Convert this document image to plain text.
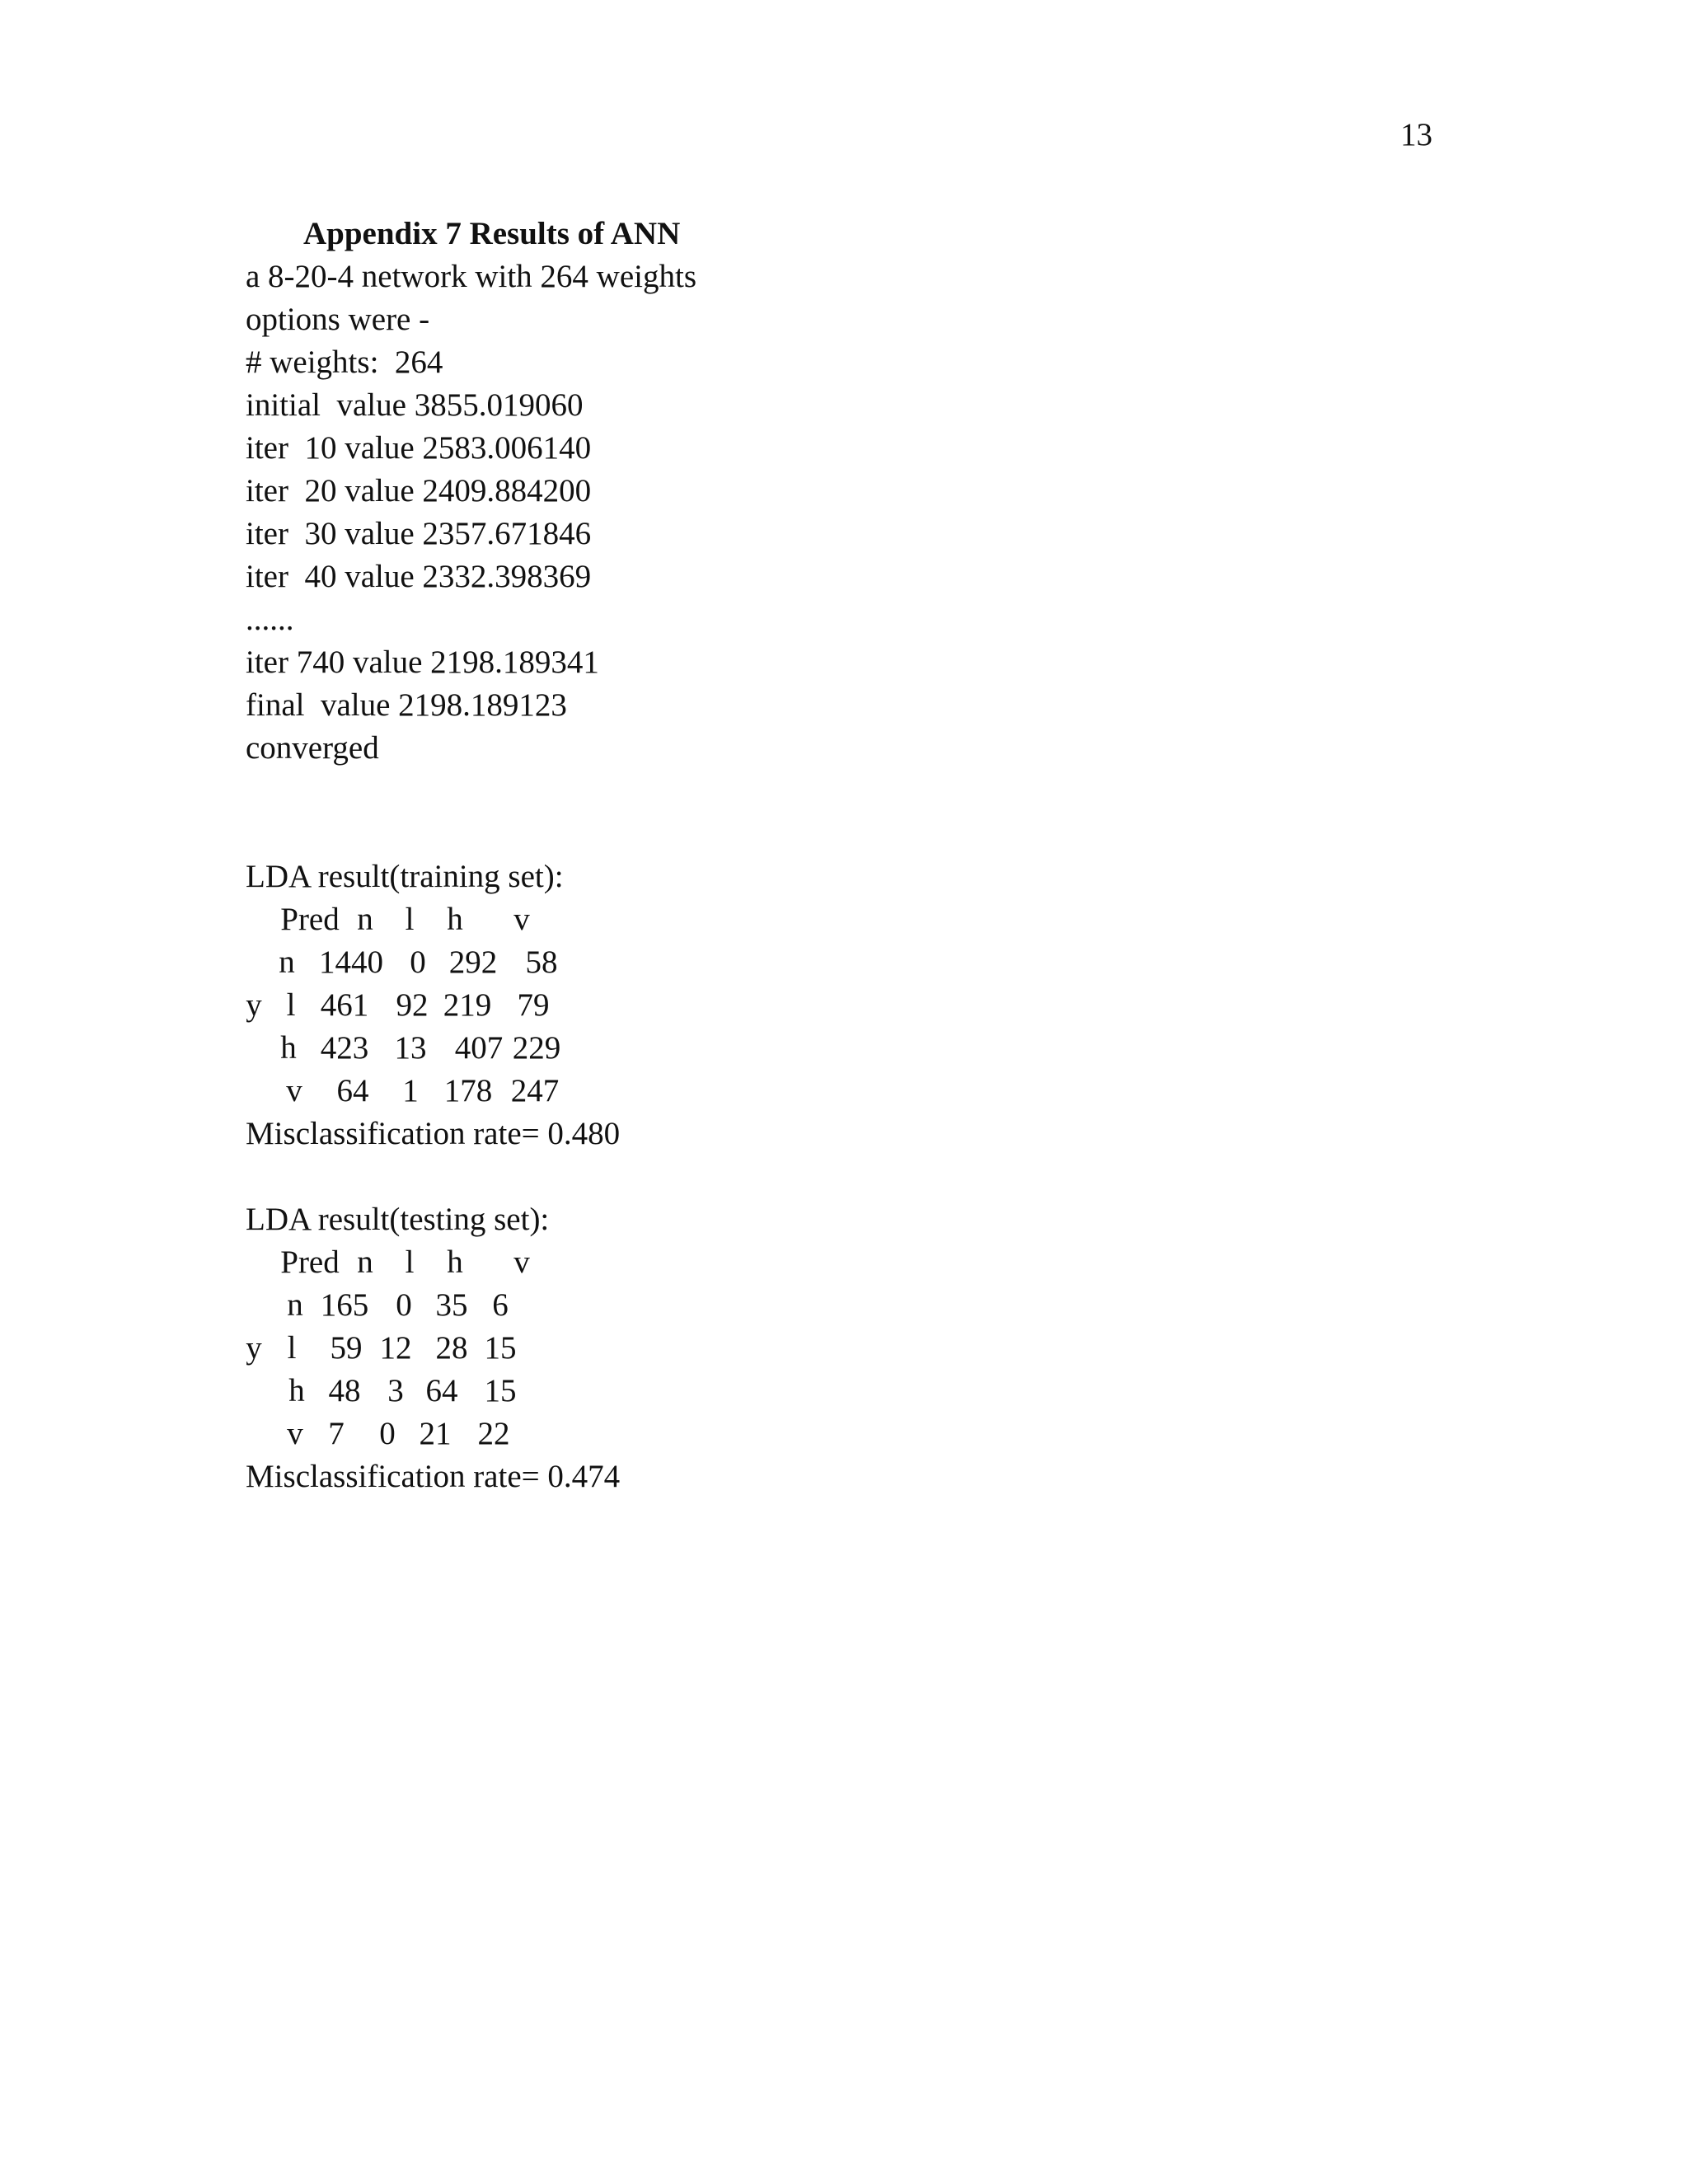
13
Appendix 7 Results of ANN
a 8-20-4 network with 264 weights
options were -
# weights:  264
initial  value 3855.019060
iter  10 value 2583.006140
iter  20 value 2409.884200
iter  30 value 2357.671846
iter  40 value 2332.398369
......
iter 740 value 2198.189341
final  value 2198.189123
converged
LDA result(training set):
Pred n l h v
n 1440 0 292 58
y l 461 92 219 79
h 423 13 407 229
v 64 1 178 247
Misclassification rate= 0.480
LDA result(testing set):
Pred n l h v
n 165 0 35 6
y l 59 12 28 15
h 48 3 64 15
v 7 0 21 22
Misclassification rate= 0.474
